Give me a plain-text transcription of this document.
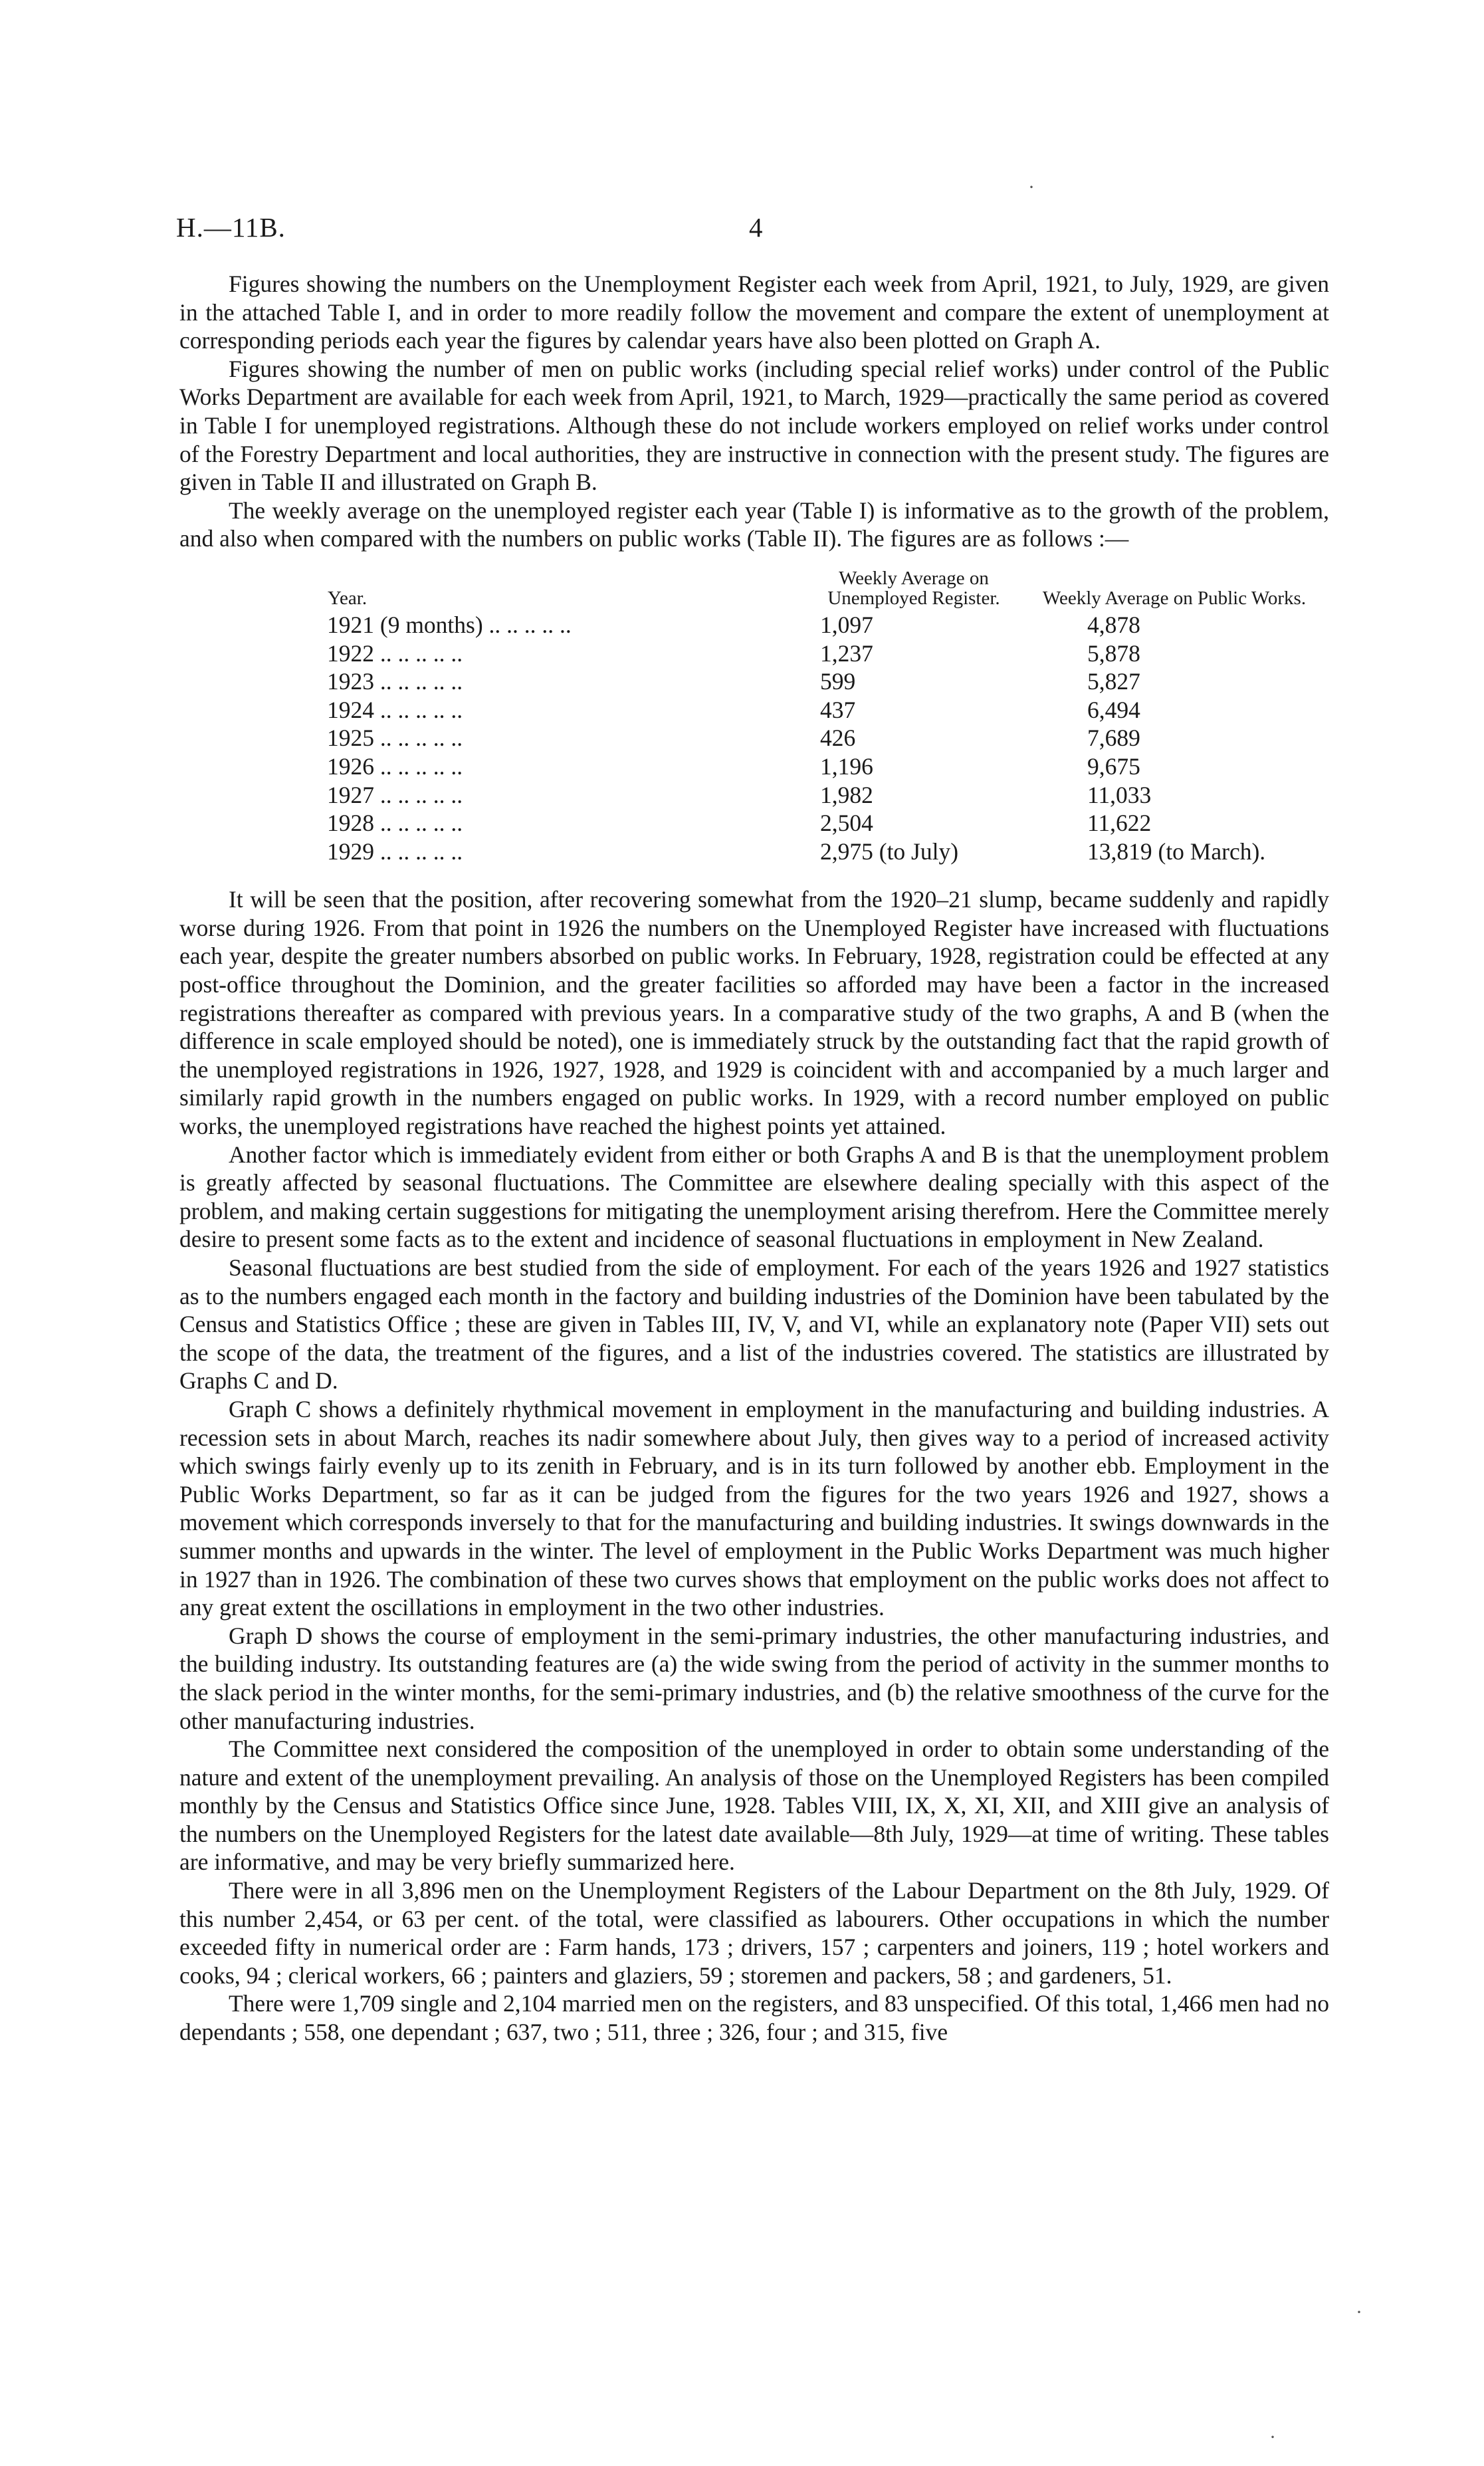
H.—11B.	4

Figures showing the numbers on the Unemployment Register each week from April, 1921, to July, 1929, are given in the attached Table I, and in order to more readily follow the movement and compare the extent of unemployment at corresponding periods each year the figures by calendar years have also been plotted on Graph A.

Figures showing the number of men on public works (including special relief works) under control of the Public Works Department are available for each week from April, 1921, to March, 1929—practically the same period as covered in Table I for unemployed registrations. Although these do not include workers employed on relief works under control of the Forestry Department and local authorities, they are instructive in connection with the present study. The figures are given in Table II and illustrated on Graph B.

The weekly average on the unemployed register each year (Table I) is informative as to the growth of the problem, and also when compared with the numbers on public works (Table II). The figures are as follows :—

Year.	Weekly Average on Unemployed Register.	Weekly Average on Public Works.
1921 (9 months) .. .. .. .. ..	1,097	4,878
1922 .. .. .. .. ..	1,237	5,878
1923 .. .. .. .. ..	599	5,827
1924 .. .. .. .. ..	437	6,494
1925 .. .. .. .. ..	426	7,689
1926 .. .. .. .. ..	1,196	9,675
1927 .. .. .. .. ..	1,982	11,033
1928 .. .. .. .. ..	2,504	11,622
1929 .. .. .. .. ..	2,975 (to July)	13,819 (to March).

It will be seen that the position, after recovering somewhat from the 1920–21 slump, became suddenly and rapidly worse during 1926. From that point in 1926 the numbers on the Unemployed Register have increased with fluctuations each year, despite the greater numbers absorbed on public works. In February, 1928, registration could be effected at any post-office throughout the Dominion, and the greater facilities so afforded may have been a factor in the increased registrations thereafter as compared with previous years. In a comparative study of the two graphs, A and B (when the difference in scale employed should be noted), one is immediately struck by the outstanding fact that the rapid growth of the unemployed registrations in 1926, 1927, 1928, and 1929 is coincident with and accompanied by a much larger and similarly rapid growth in the numbers engaged on public works. In 1929, with a record number employed on public works, the unemployed registrations have reached the highest points yet attained.

Another factor which is immediately evident from either or both Graphs A and B is that the unemployment problem is greatly affected by seasonal fluctuations. The Committee are elsewhere dealing specially with this aspect of the problem, and making certain suggestions for mitigating the unemployment arising therefrom. Here the Committee merely desire to present some facts as to the extent and incidence of seasonal fluctuations in employment in New Zealand.

Seasonal fluctuations are best studied from the side of employment. For each of the years 1926 and 1927 statistics as to the numbers engaged each month in the factory and building industries of the Dominion have been tabulated by the Census and Statistics Office ; these are given in Tables III, IV, V, and VI, while an explanatory note (Paper VII) sets out the scope of the data, the treatment of the figures, and a list of the industries covered. The statistics are illustrated by Graphs C and D.

Graph C shows a definitely rhythmical movement in employment in the manufacturing and building industries. A recession sets in about March, reaches its nadir somewhere about July, then gives way to a period of increased activity which swings fairly evenly up to its zenith in February, and is in its turn followed by another ebb. Employment in the Public Works Department, so far as it can be judged from the figures for the two years 1926 and 1927, shows a movement which corresponds inversely to that for the manufacturing and building industries. It swings downwards in the summer months and upwards in the winter. The level of employment in the Public Works Department was much higher in 1927 than in 1926. The combination of these two curves shows that employment on the public works does not affect to any great extent the oscillations in employment in the two other industries.

Graph D shows the course of employment in the semi-primary industries, the other manufacturing industries, and the building industry. Its outstanding features are (a) the wide swing from the period of activity in the summer months to the slack period in the winter months, for the semi-primary industries, and (b) the relative smoothness of the curve for the other manufacturing industries.

The Committee next considered the composition of the unemployed in order to obtain some understanding of the nature and extent of the unemployment prevailing. An analysis of those on the Unemployed Registers has been compiled monthly by the Census and Statistics Office since June, 1928. Tables VIII, IX, X, XI, XII, and XIII give an analysis of the numbers on the Unemployed Registers for the latest date available—8th July, 1929—at time of writing. These tables are informative, and may be very briefly summarized here.

There were in all 3,896 men on the Unemployment Registers of the Labour Department on the 8th July, 1929. Of this number 2,454, or 63 per cent. of the total, were classified as labourers. Other occupations in which the number exceeded fifty in numerical order are : Farm hands, 173 ; drivers, 157 ; carpenters and joiners, 119 ; hotel workers and cooks, 94 ; clerical workers, 66 ; painters and glaziers, 59 ; storemen and packers, 58 ; and gardeners, 51.

There were 1,709 single and 2,104 married men on the registers, and 83 unspecified. Of this total, 1,466 men had no dependants ; 558, one dependant ; 637, two ; 511, three ; 326, four ; and 315, five

·
·
·
